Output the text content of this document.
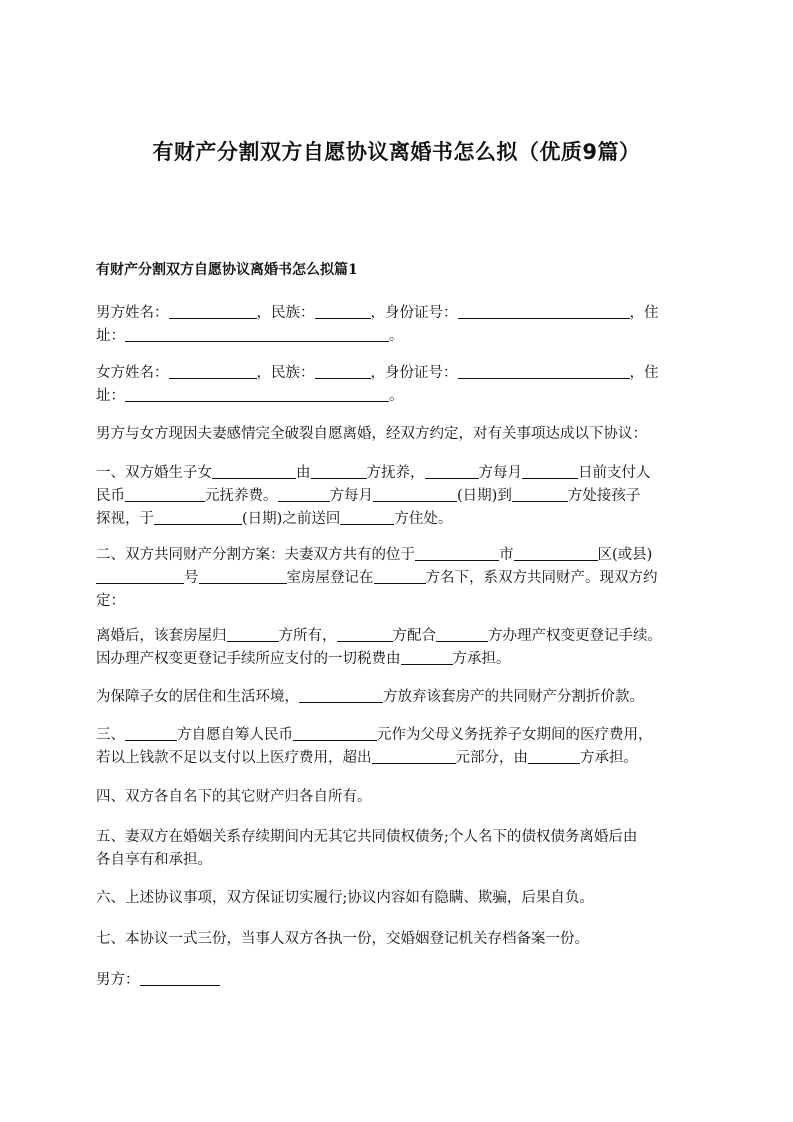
有财产分割双方自愿协议离婚书怎么拟（优质9篇）
有财产分割双方自愿协议离婚书怎么拟篇1
男方姓名：	，民族：	，身份证号：	，住
址：	。
女方姓名：	，民族：	，身份证号：	，住
址：	。
男方与女方现因夫妻感情完全破裂自愿离婚，经双方约定，对有关事项达成以下协议：
一、双方婚生子女	由	方抚养，	方每月	日前支付人
民币	元抚养费。	方每月	(日期)到	方处接孩子
探视，于	(日期)之前送回	方住处。
二、双方共同财产分割方案：夫妻双方共有的位于	市	区(或县)
号	室房屋登记在	方名下，系双方共同财产。现双方约
定：
离婚后，该套房屋归	方所有，	方配合	方办理产权变更登记手续。
因办理产权变更登记手续所应支付的一切税费由	方承担。
为保障子女的居住和生活环境，	方放弃该套房产的共同财产分割折价款。
三、	方自愿自筹人民币	元作为父母义务抚养子女期间的医疗费用，
若以上钱款不足以支付以上医疗费用，超出	元部分，由	方承担。
四、双方各自名下的其它财产归各自所有。
五、妻双方在婚姻关系存续期间内无其它共同债权债务;个人名下的债权债务离婚后由
各自享有和承担。
六、上述协议事项，双方保证切实履行;协议内容如有隐瞒、欺骗，后果自负。
七、本协议一式三份，当事人双方各执一份，交婚姻登记机关存档备案一份。
男方：
